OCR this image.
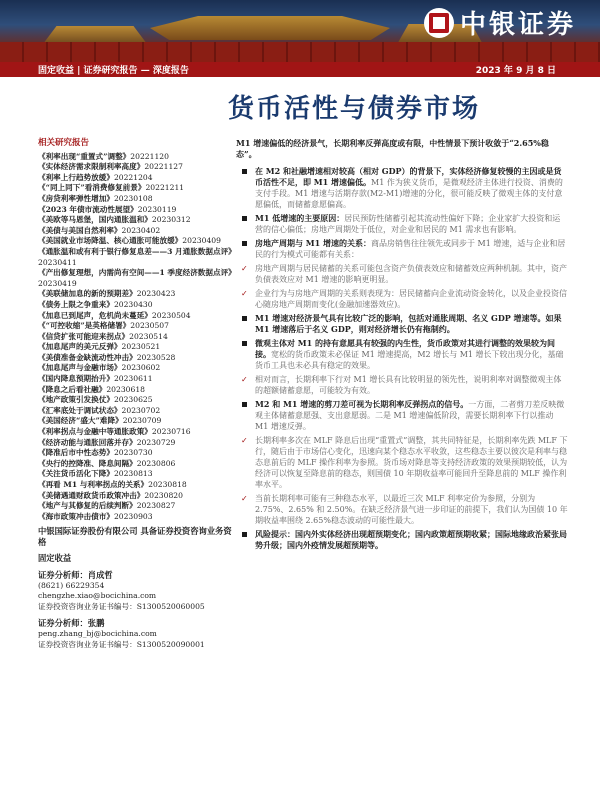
中银证券
固定收益 | 证券研究报告 — 深度报告	2023 年 9 月 8 日
货币活性与债券市场
相关研究报告
《利率出现“重置式”调整》20221120
《实体经济需求限制利率高度》20221127
《利率上行趋势放缓》20221204
《“同上同下”看消费修复前景》20221211
《房贷利率弹性增加》20230108
《2023 年债市流动性展望》20230119
《美欧等马恩堡，国内通胀温和》20230312
《美债与美国自然利率》20230402
《美国就业市场降温、核心通胀可能放缓》20230409
《通胀温和或有利于银行修复息差——3 月通胀数据点评》20230411
《产出修复理想，内需尚有空间——1 季度经济数据点评》20230419
《美联储加息的新的预期差》20230423
《债务上限之争重来》20230430
《加息已到尾声，危机尚未蔓延》20230504
《“可控收缩”是英格储署》20230507
《信贷扩张可能迎来拐点》20230514
《加息尾声的美元反弹》20230521
《美债准备金缺流动性冲击》20230528
《加息尾声与金融市场》20230602
《国内降息预期抬升》20230611
《降息之后看社融》20230618
《地产政策引发换仗》20230625
《汇率底处于调试状态》20230702
《美国经济“盛大”难降》20230709
《利率拐点与金融中等通胀政策》20230716
《经济动能与通胀回落并存》20230729
《降准后市中性态势》20230730
《央行的控降准、降息间隔》20230806
《关注货币活化下降》20230813
《再看 M1 与利率拐点的关系》20230818
《美储遇通财政货币政策冲击》20230820
《地产与其修复的后续判断》20230827
《海市政策冲击债市》20230903
中银国际证券股份有限公司 具备证券投资咨询业务资格
固定收益
证券分析师：肖成哲
(8621) 66229354
chengzhe.xiao@bocichina.com
证券投资咨询业务证书编号：S1300520060005
证券分析师：张鹏
peng.zhang_bj@bocichina.com
证券投资咨询业务证书编号：S1300520090001
M1 增速偏低的经济景气，长期利率反弹高度或有限，中性情景下预计收敛于“2.65%稳态”。
在 M2 和社融增速相对较高（相对 GDP）的背景下，实体经济修复较慢的主因或是货币活性不足，即 M1 增速偏低。M1 作为狭义货币，是微观经济主体进行投资、消费的支付手段。M1 增速与活期存款(M2-M1)增速的分化，很可能反映了微观主体的支付意愿偏低，而储蓄意愿偏高。
M1 低增速的主要原因：居民预防性储蓄引起其流动性偏好下降；企业家扩大投资和运营的信心偏低；房地产周期处于低位，对企业和居民的 M1 需求也有影响。
房地产周期与 M1 增速的关系：商品房销售往往领先或同步于 M1 增速，适与企业和居民的行为模式可能都有关系：
✓ 房地产周期与居民储蓄的关系可能包含资产负债表效应和储蓄效应两种机制。其中，资产负债表效应对 M1 增速的影响更明显。
✓ 企业行为与房地产周期的关系则表现为：居民储蓄向企业流动资金转化，以及企业投资信心随房地产周期而变化(金融加速器效应)。
M1 增速对经济景气具有比较广泛的影响，包括对通胀周期、名义 GDP 增速等。如果 M1 增速落后于名义 GDP，则对经济增长仍有拖制约。
微观主体对 M1 的持有意愿具有较强的内生性，货币政策对其进行调整的效果较为间接。宽松的货币政策未必保证 M1 增速提高，M2 增长与 M1 增长下较出现分化，基础货币工具也未必具有稳定的效果。
✓ 相对而言，长期利率下行对 M1 增长具有比较明显的领先性，说明利率对调整微观主体的超额储蓄意愿，可能较为有效。
M2 和 M1 增速的剪刀差可视为长期利率反弹拐点的信号。一方面，二者剪刀差反映微观主体储蓄意愿强、支出意愿弱。二是 M1 增速偏低阶段，需要长期利率下行以推动 M1 增速反弹。
✓ 长期利率多次在 MLF 降息后出现“重置式”调整，其共同特征是，长期利率先跌 MLF 下行，随后由于市场信心变化，迅速向某个稳态水平收敛，这些稳态主要以彼次是利率与稳态息前后的 MLF 操作利率为参照。货币场对降息等支持经济政策的效果预期较低，认为经济可以恢复至降息前的稳态，则国债 10 年期收益率可能回升至降息前的 MLF 操作利率水平。
✓ 当前长期利率可能有三种稳态水平，以最近三次 MLF 利率定价为参照，分别为 2.75%、2.65% 和 2.50%。在缺乏经济景气进一步印证的前提下，我们认为国债 10 年期收益率围绕 2.65%稳态波动的可能性最大。
风险提示：国内外实体经济出现超预期变化；国内政策超预期收紧；国际地缘政治紧张局势升级；国内外疫情发展超预期等。
